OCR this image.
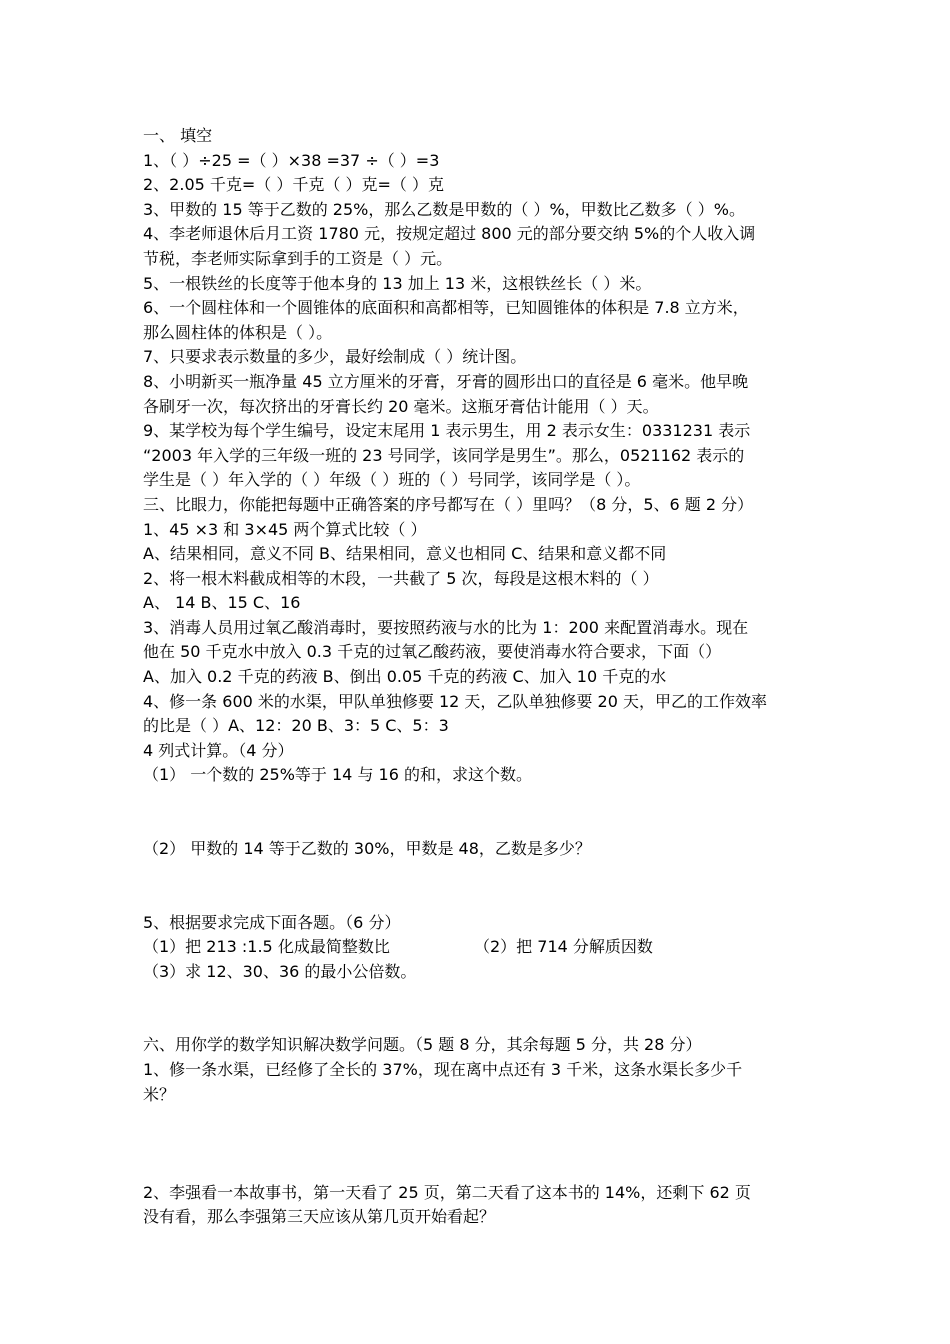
一、 填空
1、（ ）÷25 =（ ）×38 =37 ÷（ ）=3
2、2.05 千克=（ ）千克（ ）克=（ ）克
3、甲数的 15 等于乙数的 25%，那么乙数是甲数的（ ）%，甲数比乙数多（ ）%。
4、李老师退休后月工资 1780 元，按规定超过 800 元的部分要交纳 5%的个人收入调
节税，李老师实际拿到手的工资是（ ）元。
5、一根铁丝的长度等于他本身的 13 加上 13 米，这根铁丝长（ ）米。
6、一个圆柱体和一个圆锥体的底面积和高都相等，已知圆锥体的体积是 7.8 立方米，
那么圆柱体的体积是（ ）。
7、只要求表示数量的多少，最好绘制成（ ）统计图。
8、小明新买一瓶净量 45 立方厘米的牙膏，牙膏的圆形出口的直径是 6 毫米。他早晚
各刷牙一次，每次挤出的牙膏长约 20 毫米。这瓶牙膏估计能用（ ）天。
9、某学校为每个学生编号，设定末尾用 1 表示男生，用 2 表示女生：0331231 表示
“2003 年入学的三年级一班的 23 号同学，该同学是男生”。那么，0521162 表示的
学生是（ ）年入学的（ ）年级（ ）班的（ ）号同学，该同学是（ ）。
三、比眼力，你能把每题中正确答案的序号都写在（ ）里吗？（8 分，5、6 题 2 分）
1、45 ×3 和 3×45 两个算式比较（ ）
A、结果相同，意义不同 B、结果相同，意义也相同 C、结果和意义都不同
2、将一根木料截成相等的木段，一共截了 5 次，每段是这根木料的（ ）
A、 14 B、15 C、16
3、消毒人员用过氧乙酸消毒时，要按照药液与水的比为 1：200 来配置消毒水。现在
他在 50 千克水中放入 0.3 千克的过氧乙酸药液，要使消毒水符合要求，下面（）
A、加入 0.2 千克的药液 B、倒出 0.05 千克的药液 C、加入 10 千克的水
4、修一条 600 米的水渠，甲队单独修要 12 天，乙队单独修要 20 天，甲乙的工作效率
的比是（ ）A、12：20 B、3：5 C、5：3
4 列式计算。（4 分）
（1） 一个数的 25%等于 14 与 16 的和，求这个数。
（2） 甲数的 14 等于乙数的 30%，甲数是 48，乙数是多少？
5、根据要求完成下面各题。（6 分）
（1）把 213 :1.5 化成最简整数比	（2）把 714 分解质因数
（3）求 12、30、36 的最小公倍数。
六、用你学的数学知识解决数学问题。（5 题 8 分，其余每题 5 分，共 28 分）
1、修一条水渠，已经修了全长的 37%，现在离中点还有 3 千米，这条水渠长多少千
米？
2、李强看一本故事书，第一天看了 25 页，第二天看了这本书的 14%，还剩下 62 页
没有看，那么李强第三天应该从第几页开始看起？
